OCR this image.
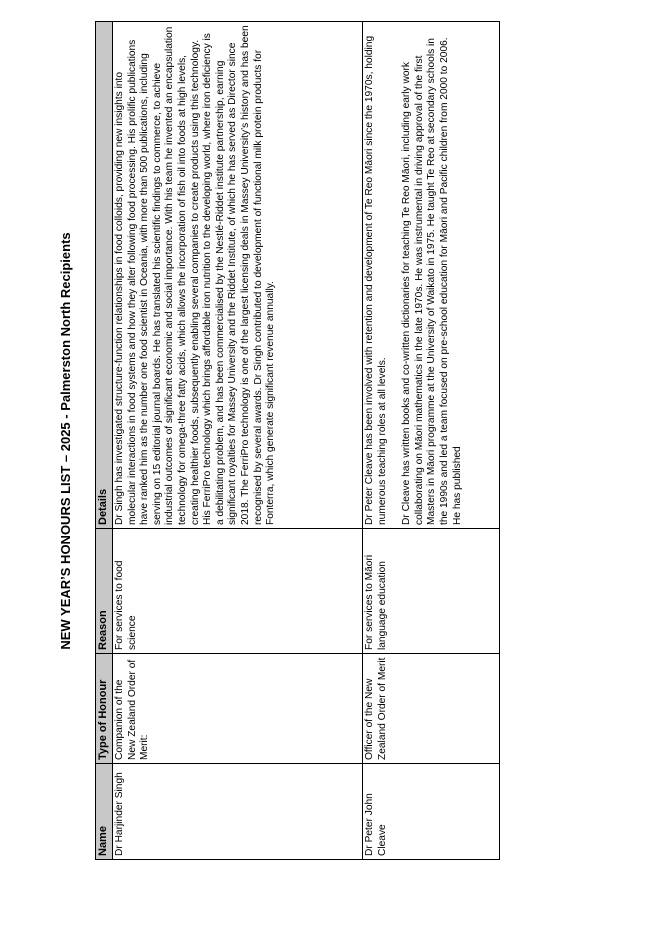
NEW YEAR’S HONOURS LIST – 2025 - Palmerston North Recipients
Name	Type of Honour	Reason	Details
Dr Harjinder Singh	Companion of the New Zealand Order of Merit:	For services to food science	Dr Singh has investigated structure-function relationships in food colloids, providing new insights into molecular interactions in food systems and how they alter following food processing. His prolific publications have ranked him as the number one food scientist in Oceania, with more than 500 publications, including serving on 15 editorial journal boards. He has translated his scientific findings to commerce, to achieve industrial outcomes of significant economic and social importance. With his team he invented an encapsulation technology for omega-three fatty acids, which allows the incorporation of fish oil into foods at high levels, creating healthier foods, subsequently enabling several companies to create products using this technology. His FerriPro technology which brings affordable iron nutrition to the developing world, where iron deficiency is a debilitating problem, and has been commercialised by the Nestlé-Riddet institute partnership, earning significant royalties for Massey University and the Riddet Institute, of which he has served as Director since 2018. The FerriPro technology is one of the largest licensing deals in Massey University’s history and has been recognised by several awards. Dr Singh contributed to development of functional milk protein products for Fonterra, which generate significant revenue annually.

Dr Peter John Cleave	Officer of the New Zealand Order of Merit	For services to Māori language education	Dr Peter Cleave has been involved with retention and development of Te Reo Māori since the 1970s, holding numerous teaching roles at all levels. Dr Cleave has written books and co-written dictionaries for teaching Te Reo Māori, including early work collaborating on Māori mathematics in the late 1970s. He was instrumental in driving approval of the first Masters in Māori programme at the University of Waikato in 1975. He taught Te Reo at secondary schools in the 1990s and led a team focused on pre-school education for Māori and Pacific children from 2000 to 2006. He has published
